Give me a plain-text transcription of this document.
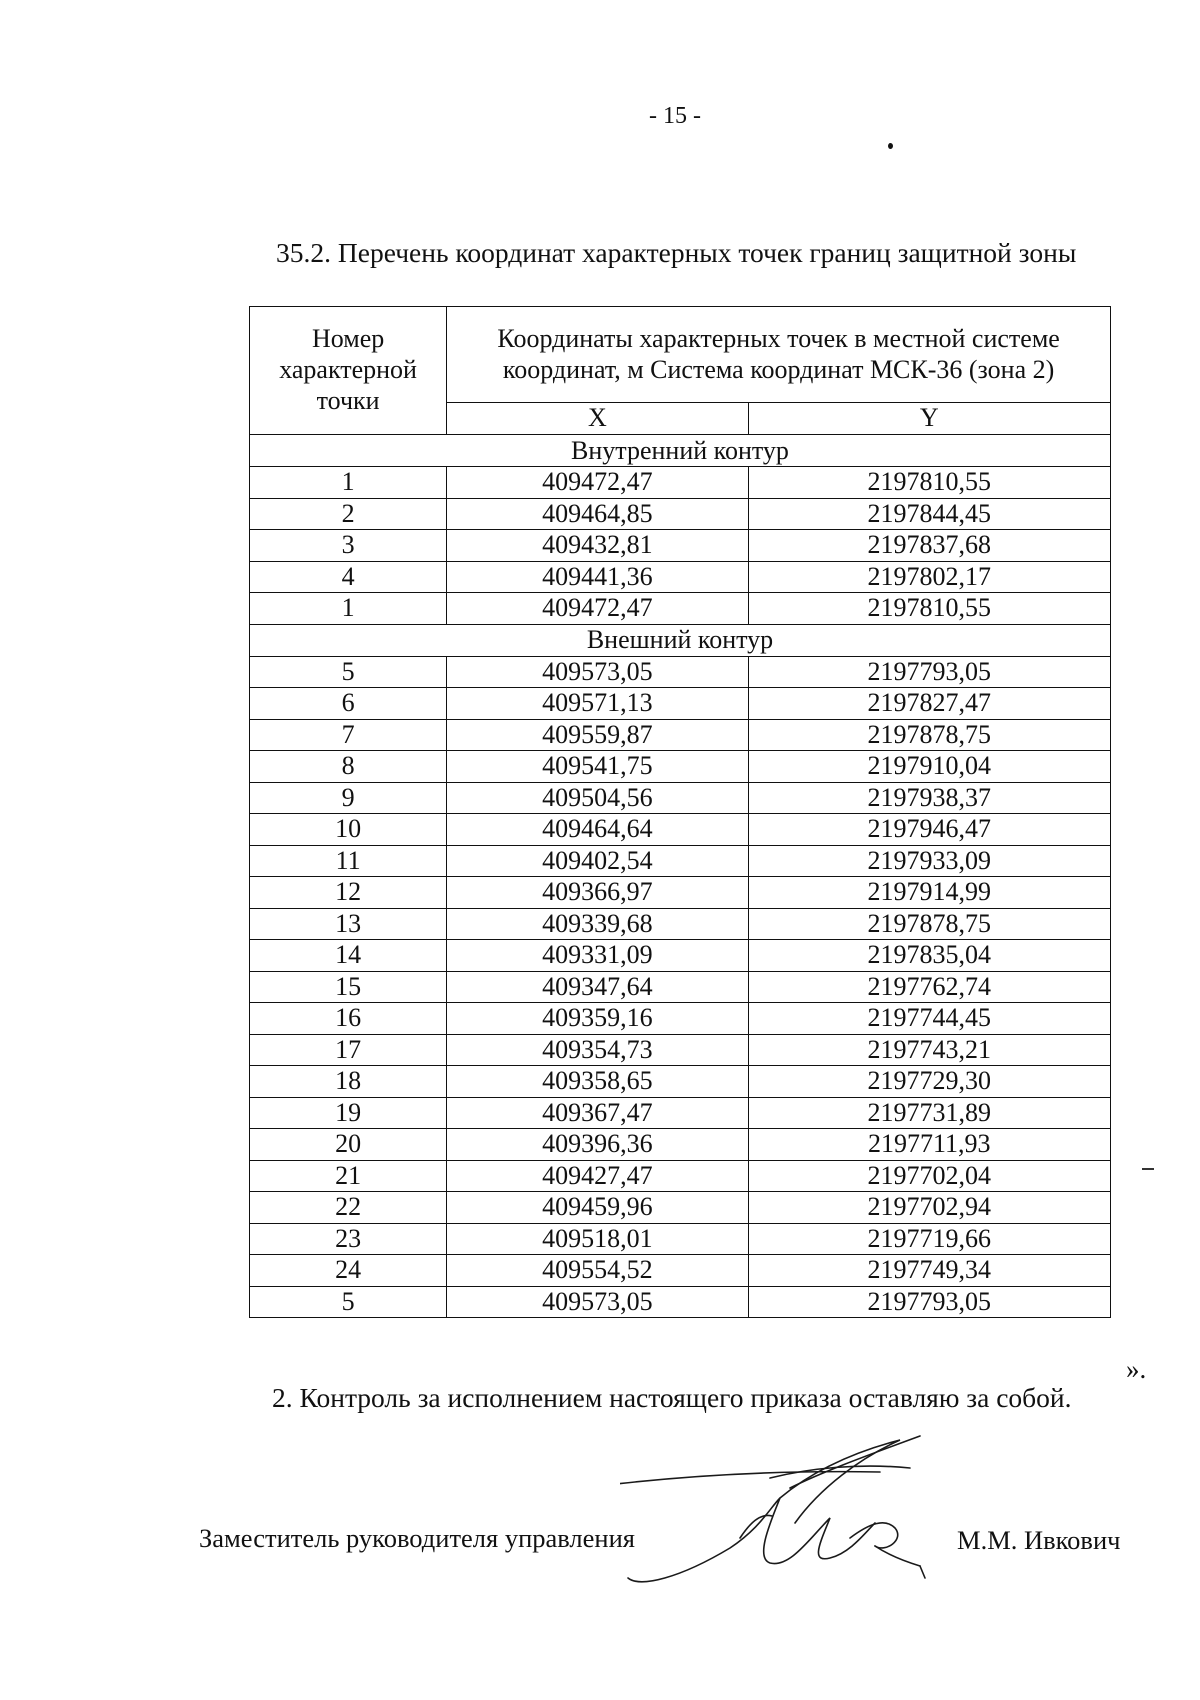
- 15 -
35.2. Перечень координат характерных точек границ защитной зоны
Номер характерной точки	Координаты характерных точек в местной системе координат, м Система координат МСК-36 (зона 2)	
	X	Y
Внутренний контур		
1	409472,47	2197810,55
2	409464,85	2197844,45
3	409432,81	2197837,68
4	409441,36	2197802,17
1	409472,47	2197810,55
Внешний контур		
5	409573,05	2197793,05
6	409571,13	2197827,47
7	409559,87	2197878,75
8	409541,75	2197910,04
9	409504,56	2197938,37
10	409464,64	2197946,47
11	409402,54	2197933,09
12	409366,97	2197914,99
13	409339,68	2197878,75
14	409331,09	2197835,04
15	409347,64	2197762,74
16	409359,16	2197744,45
17	409354,73	2197743,21
18	409358,65	2197729,30
19	409367,47	2197731,89
20	409396,36	2197711,93
21	409427,47	2197702,04
22	409459,96	2197702,94
23	409518,01	2197719,66
24	409554,52	2197749,34
5	409573,05	2197793,05
».
2. Контроль за исполнением настоящего приказа оставляю за собой.
Заместитель руководителя управления	М.М. Ивкович
